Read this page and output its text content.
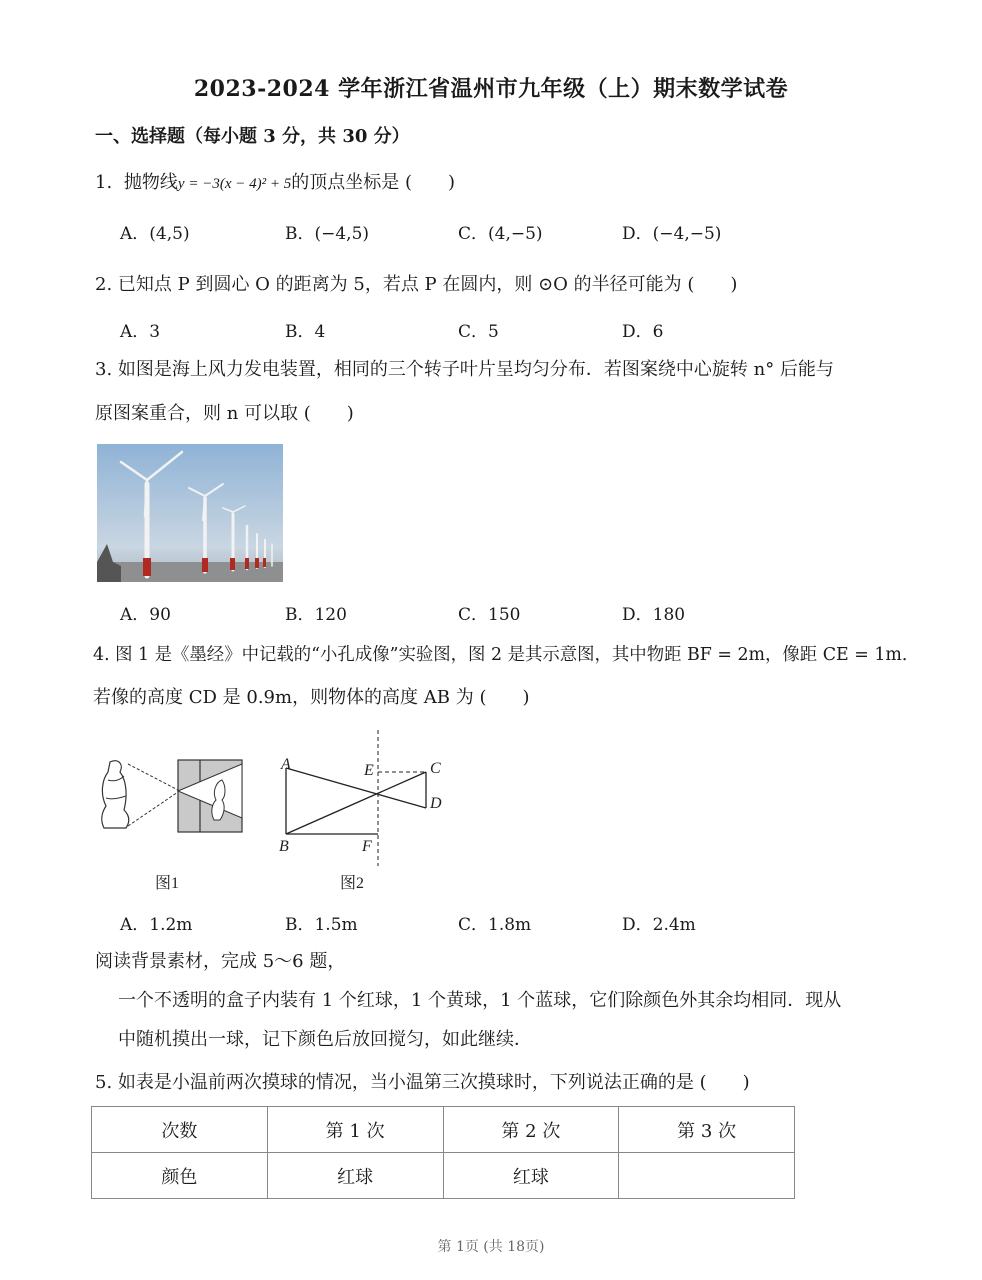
2023-2024 学年浙江省温州市九年级（上）期末数学试卷
一、选择题（每小题 3 分，共 30 分）
1. 抛物线y = −3(x − 4)² + 5的顶点坐标是 (　　)
A．(4,5)	B．(−4,5)	C．(4,−5)	D．(−4,−5)
2. 已知点 P 到圆心 O 的距离为 5，若点 P 在圆内，则 ⊙O 的半径可能为 (　　)
A．3	B．4	C．5	D．6
3. 如图是海上风力发电装置，相同的三个转子叶片呈均匀分布．若图案绕中心旋转 n° 后能与
原图案重合，则 n 可以取 (　　)
A．90	B．120	C．150	D．180
4. 图 1 是《墨经》中记载的“小孔成像”实验图，图 2 是其示意图，其中物距 BF = 2m，像距 CE = 1m．
若像的高度 CD 是 0.9m，则物体的高度 AB 为 (　　)
图1
A
B
C
D
E
F
图2
A．1.2m	B．1.5m	C．1.8m	D．2.4m
阅读背景素材，完成 5～6 题，
一个不透明的盒子内装有 1 个红球，1 个黄球，1 个蓝球，它们除颜色外其余均相同．现从
中随机摸出一球，记下颜色后放回搅匀，如此继续．
5. 如表是小温前两次摸球的情况，当小温第三次摸球时，下列说法正确的是 (　　)
次数	第 1 次	第 2 次	第 3 次
颜色	红球	红球	
第 1页 (共 18页)
